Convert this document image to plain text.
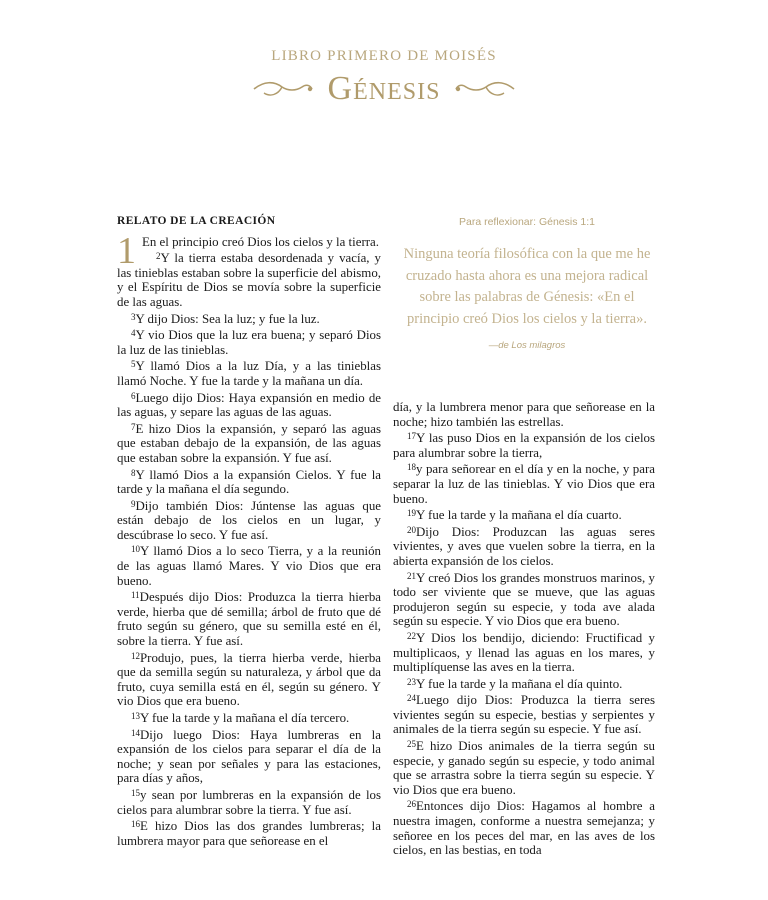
LIBRO PRIMERO DE MOISÉS
Génesis
RELATO DE LA CREACIÓN

1 En el principio creó Dios los cielos y la tierra.

$^2$Y la tierra estaba desordenada y vacía, y las tinieblas estaban sobre la superficie del abismo, y el Espíritu de Dios se movía sobre la superficie de las aguas.

$^3$Y dijo Dios: Sea la luz; y fue la luz.

$^4$Y vio Dios que la luz era buena; y separó Dios la luz de las tinieblas.

$^5$Y llamó Dios a la luz Día, y a las tinieblas llamó Noche. Y fue la tarde y la mañana un día.

$^6$Luego dijo Dios: Haya expansión en medio de las aguas, y separe las aguas de las aguas.

$^7$E hizo Dios la expansión, y separó las aguas que estaban debajo de la expansión, de las aguas que estaban sobre la expansión. Y fue así.

$^8$Y llamó Dios a la expansión Cielos. Y fue la tarde y la mañana el día segundo.

$^9$Dijo también Dios: Júntense las aguas que están debajo de los cielos en un lugar, y descúbrase lo seco. Y fue así.

$^{10}$Y llamó Dios a lo seco Tierra, y a la reunión de las aguas llamó Mares. Y vio Dios que era bueno.

$^{11}$Después dijo Dios: Produzca la tierra hierba verde, hierba que dé semilla; árbol de fruto que dé fruto según su género, que su semilla esté en él, sobre la tierra. Y fue así.

$^{12}$Produjo, pues, la tierra hierba verde, hierba que da semilla según su naturaleza, y árbol que da fruto, cuya semilla está en él, según su género. Y vio Dios que era bueno.

$^{13}$Y fue la tarde y la mañana el día tercero.

$^{14}$Dijo luego Dios: Haya lumbreras en la expansión de los cielos para separar el día de la noche; y sean por señales y para las estaciones, para días y años,

$^{15}$y sean por lumbreras en la expansión de los cielos para alumbrar sobre la tierra. Y fue así.

$^{16}$E hizo Dios las dos grandes lumbreras; la lumbrera mayor para que señorease en el

Para reflexionar: Génesis 1:1
Ninguna teoría filosófica con la que me he cruzado hasta ahora es una mejora radical sobre las palabras de Génesis: «En el principio creó Dios los cielos y la tierra».
—de Los milagros

día, y la lumbrera menor para que señorease en la noche; hizo también las estrellas.

$^{17}$Y las puso Dios en la expansión de los cielos para alumbrar sobre la tierra,

$^{18}$y para señorear en el día y en la noche, y para separar la luz de las tinieblas. Y vio Dios que era bueno.

$^{19}$Y fue la tarde y la mañana el día cuarto.

$^{20}$Dijo Dios: Produzcan las aguas seres vivientes, y aves que vuelen sobre la tierra, en la abierta expansión de los cielos.

$^{21}$Y creó Dios los grandes monstruos marinos, y todo ser viviente que se mueve, que las aguas produjeron según su especie, y toda ave alada según su especie. Y vio Dios que era bueno.

$^{22}$Y Dios los bendijo, diciendo: Fructificad y multiplicaos, y llenad las aguas en los mares, y multiplíquense las aves en la tierra.

$^{23}$Y fue la tarde y la mañana el día quinto.

$^{24}$Luego dijo Dios: Produzca la tierra seres vivientes según su especie, bestias y serpientes y animales de la tierra según su especie. Y fue así.

$^{25}$E hizo Dios animales de la tierra según su especie, y ganado según su especie, y todo animal que se arrastra sobre la tierra según su especie. Y vio Dios que era bueno.

$^{26}$Entonces dijo Dios: Hagamos al hombre a nuestra imagen, conforme a nuestra semejanza; y señoree en los peces del mar, en las aves de los cielos, en las bestias, en toda
